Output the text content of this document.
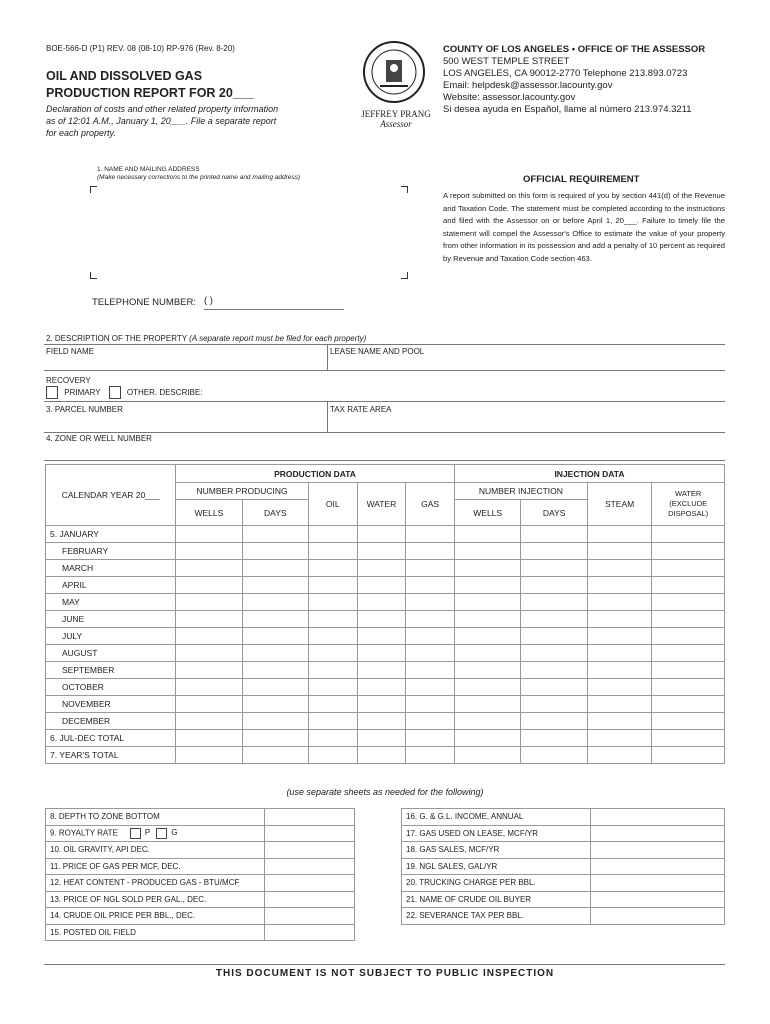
BOE-566-D (P1) REV. 08 (08-10) RP-976 (Rev. 8-20)
OIL AND DISSOLVED GAS
PRODUCTION REPORT FOR 20___
Declaration of costs and other related property information as of 12:01 A.M., January 1, 20___. File a separate report for each property.
JEFFREY PRANG
Assessor
COUNTY OF LOS ANGELES • OFFICE OF THE ASSESSOR
500 WEST TEMPLE STREET
LOS ANGELES, CA 90012-2770 Telephone 213.893.0723
Email: helpdesk@assessor.lacounty.gov
Website: assessor.lacounty.gov
Si desea ayuda en Español, llame al número 213.974.3211
1. NAME AND MAILING ADDRESS
(Make necessary corrections to the printed name and mailing address)
TELEPHONE NUMBER: ( )
OFFICIAL REQUIREMENT
A report submitted on this form is required of you by section 441(d) of the Revenue and Taxation Code. The statement must be completed according to the instructions and filed with the Assessor on or before April 1, 20___. Failure to timely file the statement will compel the Assessor's Office to estimate the value of your property from other information in its possession and add a penalty of 10 percent as required by Revenue and Taxation Code section 463.
2. DESCRIPTION OF THE PROPERTY (A separate report must be filed for each property)
FIELD NAME	LEASE NAME AND POOL
RECOVERY
PRIMARY	OTHER. DESCRIBE:
3. PARCEL NUMBER	TAX RATE AREA
4. ZONE OR WELL NUMBER
CALENDAR YEAR 20___	PRODUCTION DATA					INJECTION DATA			
	NUMBER PRODUCING		OIL	WATER	GAS	NUMBER INJECTION		STEAM	WATER
(EXCLUDE
DISPOSAL)

	WELLS	DAYS				WELLS	DAYS		
5. JANUARY									
FEBRUARY									
MARCH									
APRIL									
MAY									
JUNE									
JULY									
AUGUST									
SEPTEMBER									
OCTOBER									
NOVEMBER									
DECEMBER									
6. JUL-DEC TOTAL									
7. YEAR'S TOTAL									
(use separate sheets as needed for the following)
8. DEPTH TO ZONE BOTTOM	
9. ROYALTY RATE P G	
10. OIL GRAVITY, API DEC.	
11. PRICE OF GAS PER MCF, DEC.	
12. HEAT CONTENT - PRODUCED GAS - BTU/MCF	
13. PRICE OF NGL SOLD PER GAL., DEC.	
14. CRUDE OIL PRICE PER BBL., DEC.	
15. POSTED OIL FIELD	
16. G. & G.L. INCOME, ANNUAL	
17. GAS USED ON LEASE, MCF/YR	
18. GAS SALES, MCF/YR	
19. NGL SALES, GAL/YR	
20. TRUCKING CHARGE PER BBL.	
21. NAME OF CRUDE OIL BUYER	
22. SEVERANCE TAX PER BBL.	
THIS DOCUMENT IS NOT SUBJECT TO PUBLIC INSPECTION
